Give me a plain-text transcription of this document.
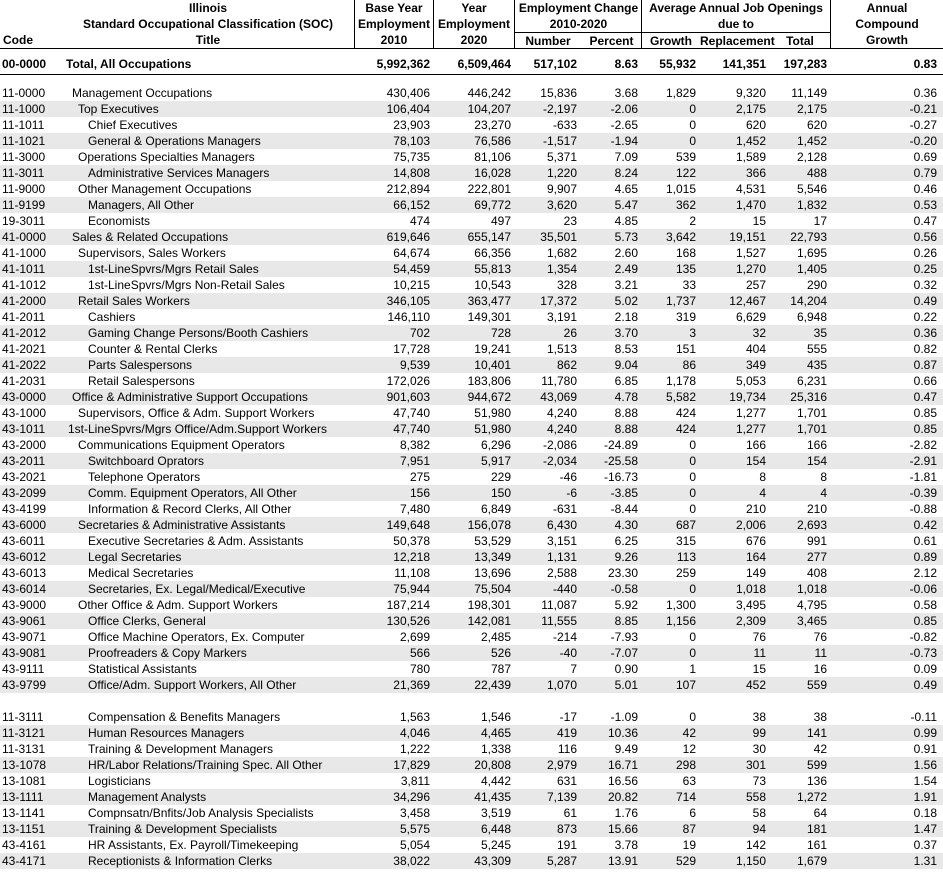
Code
Illinois
Standard Occupational Classification (SOC)
Title
Base Year
Employment
2010
Year
Employment
2020
Employment Change
2010-2020
Number	Percent
Average Annual Job Openings
due to
Growth Replacement Total
Annual
Compound
Growth
00-0000	Total, All Occupations	5,992,362	6,509,464	517,102	8.63	55,932	141,351	197,283	0.83
11-0000	Management Occupations	430,406	446,242	15,836	3.68	1,829	9,320	11,149	0.36
11-1000	Top Executives	106,404	104,207	-2,197	-2.06	0	2,175	2,175	-0.21
11-1011	Chief Executives	23,903	23,270	-633	-2.65	0	620	620	-0.27
11-1021	General & Operations Managers	78,103	76,586	-1,517	-1.94	0	1,452	1,452	-0.20
11-3000	Operations Specialties Managers	75,735	81,106	5,371	7.09	539	1,589	2,128	0.69
11-3011	Administrative Services Managers	14,808	16,028	1,220	8.24	122	366	488	0.79
11-9000	Other Management Occupations	212,894	222,801	9,907	4.65	1,015	4,531	5,546	0.46
11-9199	Managers, All Other	66,152	69,772	3,620	5.47	362	1,470	1,832	0.53
19-3011	Economists	474	497	23	4.85	2	15	17	0.47
41-0000	Sales & Related Occupations	619,646	655,147	35,501	5.73	3,642	19,151	22,793	0.56
41-1000	Supervisors, Sales Workers	64,674	66,356	1,682	2.60	168	1,527	1,695	0.26
41-1011	1st-LineSpvrs/Mgrs Retail Sales	54,459	55,813	1,354	2.49	135	1,270	1,405	0.25
41-1012	1st-LineSpvrs/Mgrs Non-Retail Sales	10,215	10,543	328	3.21	33	257	290	0.32
41-2000	Retail Sales Workers	346,105	363,477	17,372	5.02	1,737	12,467	14,204	0.49
41-2011	Cashiers	146,110	149,301	3,191	2.18	319	6,629	6,948	0.22
41-2012	Gaming Change Persons/Booth Cashiers	702	728	26	3.70	3	32	35	0.36
41-2021	Counter & Rental Clerks	17,728	19,241	1,513	8.53	151	404	555	0.82
41-2022	Parts Salespersons	9,539	10,401	862	9.04	86	349	435	0.87
41-2031	Retail Salespersons	172,026	183,806	11,780	6.85	1,178	5,053	6,231	0.66
43-0000	Office & Administrative Support Occupations	901,603	944,672	43,069	4.78	5,582	19,734	25,316	0.47
43-1000	Supervisors, Office & Adm. Support Workers	47,740	51,980	4,240	8.88	424	1,277	1,701	0.85
43-1011	1st-LineSpvrs/Mgrs Office/Adm.Support Workers	47,740	51,980	4,240	8.88	424	1,277	1,701	0.85
43-2000	Communications Equipment Operators	8,382	6,296	-2,086	-24.89	0	166	166	-2.82
43-2011	Switchboard Oprators	7,951	5,917	-2,034	-25.58	0	154	154	-2.91
43-2021	Telephone Operators	275	229	-46	-16.73	0	8	8	-1.81
43-2099	Comm. Equipment Operators, All Other	156	150	-6	-3.85	0	4	4	-0.39
43-4199	Information & Record Clerks, All Other	7,480	6,849	-631	-8.44	0	210	210	-0.88
43-6000	Secretaries & Administrative Assistants	149,648	156,078	6,430	4.30	687	2,006	2,693	0.42
43-6011	Executive Secretaries & Adm. Assistants	50,378	53,529	3,151	6.25	315	676	991	0.61
43-6012	Legal Secretaries	12,218	13,349	1,131	9.26	113	164	277	0.89
43-6013	Medical Secretaries	11,108	13,696	2,588	23.30	259	149	408	2.12
43-6014	Secretaries, Ex. Legal/Medical/Executive	75,944	75,504	-440	-0.58	0	1,018	1,018	-0.06
43-9000	Other Office & Adm. Support Workers	187,214	198,301	11,087	5.92	1,300	3,495	4,795	0.58
43-9061	Office Clerks, General	130,526	142,081	11,555	8.85	1,156	2,309	3,465	0.85
43-9071	Office Machine Operators, Ex. Computer	2,699	2,485	-214	-7.93	0	76	76	-0.82
43-9081	Proofreaders & Copy Markers	566	526	-40	-7.07	0	11	11	-0.73
43-9111	Statistical Assistants	780	787	7	0.90	1	15	16	0.09
43-9799	Office/Adm. Support Workers, All Other	21,369	22,439	1,070	5.01	107	452	559	0.49
11-3111	Compensation & Benefits Managers	1,563	1,546	-17	-1.09	0	38	38	-0.11
11-3121	Human Resources Managers	4,046	4,465	419	10.36	42	99	141	0.99
11-3131	Training & Development Managers	1,222	1,338	116	9.49	12	30	42	0.91
13-1078	HR/Labor Relations/Training Spec. All Other	17,829	20,808	2,979	16.71	298	301	599	1.56
13-1081	Logisticians	3,811	4,442	631	16.56	63	73	136	1.54
13-1111	Management Analysts	34,296	41,435	7,139	20.82	714	558	1,272	1.91
13-1141	Compnsatn/Bnfits/Job Analysis Specialists	3,458	3,519	61	1.76	6	58	64	0.18
13-1151	Training & Development Specialists	5,575	6,448	873	15.66	87	94	181	1.47
43-4161	HR Assistants, Ex. Payroll/Timekeeping	5,054	5,245	191	3.78	19	142	161	0.37
43-4171	Receptionists & Information Clerks	38,022	43,309	5,287	13.91	529	1,150	1,679	1.31
